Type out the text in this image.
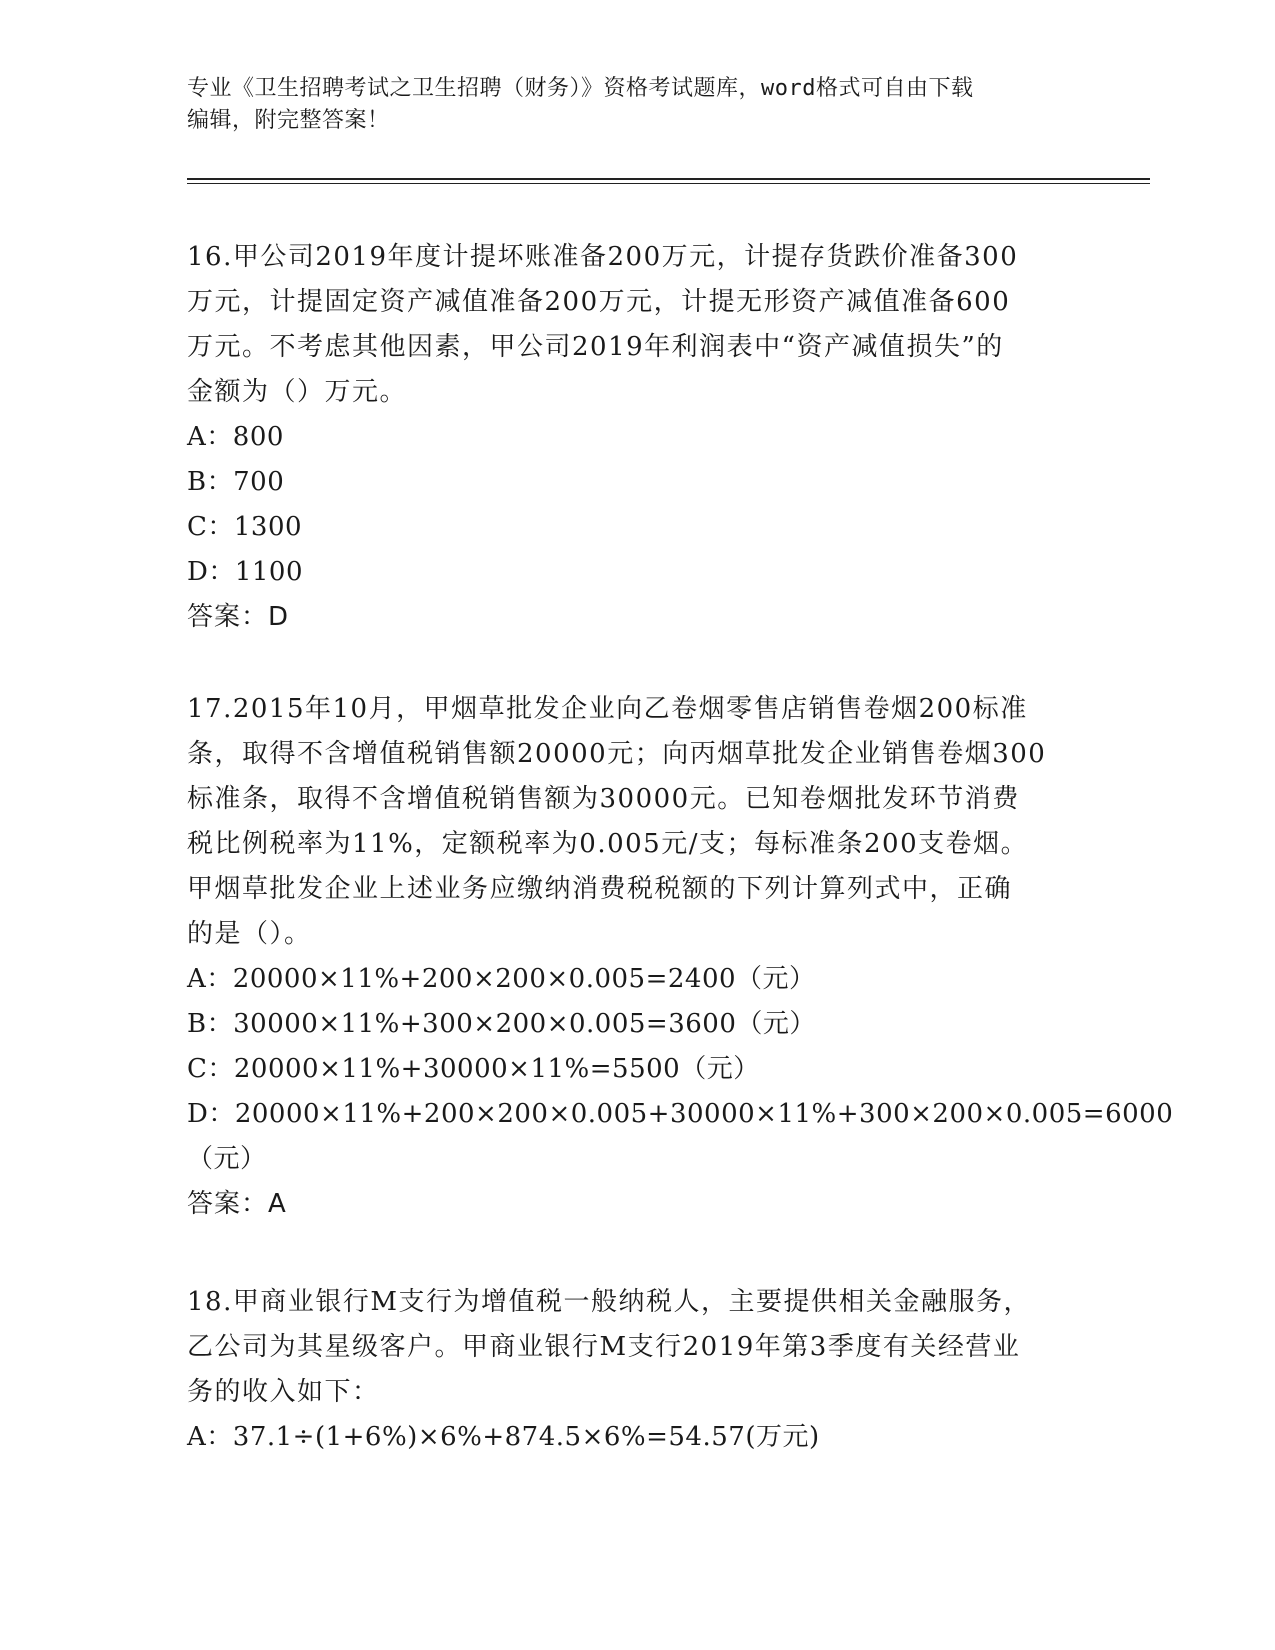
专业《卫生招聘考试之卫生招聘（财务）》资格考试题库，word格式可自由下载
编辑，附完整答案！
16.甲公司2019年度计提坏账准备200万元，计提存货跌价准备300
万元，计提固定资产减值准备200万元，计提无形资产减值准备600
万元。不考虑其他因素，甲公司2019年利润表中“资产减值损失”的
金额为（）万元。
A：800
B：700
C：1300
D：1100
答案：D
17.2015年10月，甲烟草批发企业向乙卷烟零售店销售卷烟200标准
条，取得不含增值税销售额20000元；向丙烟草批发企业销售卷烟300
标准条，取得不含增值税销售额为30000元。已知卷烟批发环节消费
税比例税率为11%，定额税率为0.005元/支；每标准条200支卷烟。
甲烟草批发企业上述业务应缴纳消费税税额的下列计算列式中，正确
的是（）。
A：20000×11%+200×200×0.005=2400（元）
B：30000×11%+300×200×0.005=3600（元）
C：20000×11%+30000×11%=5500（元）
D：20000×11%+200×200×0.005+30000×11%+300×200×0.005=6000
（元）
答案：A
18.甲商业银行M支行为增值税一般纳税人，主要提供相关金融服务，
乙公司为其星级客户。甲商业银行M支行2019年第3季度有关经营业
务的收入如下：
A：37.1÷(1+6%)×6%+874.5×6%=54.57(万元)
